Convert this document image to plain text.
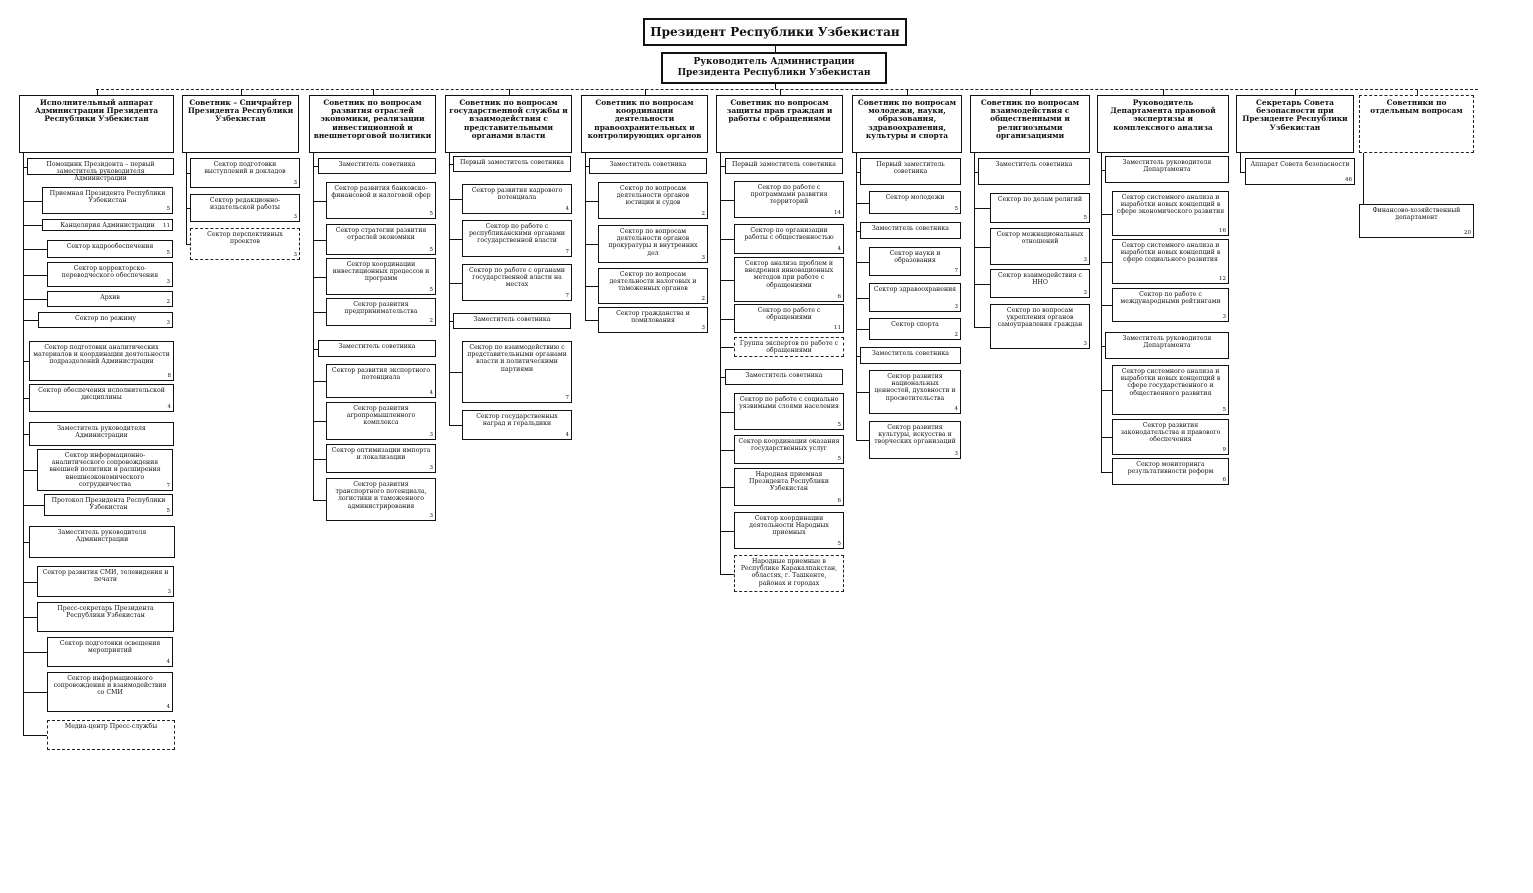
Президент Республики Узбекистан
Руководитель Администрации
Президента Республики Узбекистан
Исполнительный аппарат Администрации Президента Республики Узбекистан
Помощник Президента – первый заместитель руководителя Администрации
Приемная Президента Республики Узбекистан
5
Канцелярия Администрации 11
Сектор кадрообеспечения
5
Сектор корректорско-переводческого обеспечения
3
Архив
2
Сектор по режиму
3
Сектор подготовки аналитических материалов и координации деятельности подразделений Администрации
8
Сектор обеспечения исполнительской дисциплины
4
Заместитель руководителя Администрации
Сектор информационно-аналитического сопровождения внешней политики и расширения внешнеэкономического сотрудничества	7
Протокол Президента Республики Узбекистан	5
Заместитель руководителя Администрации
Сектор развития СМИ, телевидения и печати
3
Пресс-секретарь Президента Республики Узбекистан
Сектор подготовки освещения мероприятий
4
Сектор информационного сопровождения и взаимодействия со СМИ
4
Медиа-центр Пресс-службы
Советник – Спичрайтер Президента Республики Узбекистан
Сектор подготовки выступлений и докладов
3
Сектор редакционно-издательской работы
3
Сектор перспективных проектов
3
Советник по вопросам развития отраслей экономики, реализации инвестиционной и внешнеторговой политики
Заместитель советника
Сектор развития банковско-финансовой и налоговой сфер
5
Сектор стратегии развития отраслей экономики
5
Сектор координации инвестиционных процессов и программ
5
Сектор развития предпринимательства
2
Заместитель советника
Сектор развития экспортного потенциала
4
Сектор развития агропромышленного комплекса
3
Сектор оптимизации импорта и локализации
3
Сектор развития транспортного потенциала, логистики и таможенного администрирования
3
Советник по вопросам государственной службы и взаимодействия с представительными органами власти
Первый заместитель советника
Сектор развития кадрового потенциала
4
Сектор по работе с республиканскими органами государственной власти
7
Сектор по работе с органами государственной власти на местах
7
Заместитель советника
Сектор по взаимодействию с представительными органами власти и политическими партиями
7
Сектор государственных наград и геральдики
4
Советник по вопросам координации деятельности правоохранительных и контролирующих органов
Заместитель советника
Сектор по вопросам деятельности органов юстиции и судов
2
Сектор по вопросам деятельности органов прокуратуры и внутренних дел
3
Сектор по вопросам деятельности налоговых и таможенных органов
2
Сектор гражданства и помилования
3
Советник по вопросам защиты прав граждан и работы с обращениями
Первый заместитель советника
Сектор по работе с программами развития территорий
14
Сектор по организации работы с общественностью
4
Сектор анализа проблем и внедрения инновационных методов при работе с обращениями
6
Сектор по работе с обращениями
11
Группа экспертов по работе с обращениями
Заместитель советника
Сектор по работе с социально уязвимыми слоями населения
5
Сектор координации оказания государственных услуг
5
Народная приемная Президента Республики Узбекистан
6
Сектор координации деятельности Народных приемных
5
Народные приемные в Республике Каракалпакстан, областях, г. Ташкенте, районах и городах
Советник по вопросам молодежи, науки, образования, здравоохранения, культуры и спорта
Первый заместитель советника
Сектор молодежи
5
Заместитель советника
Сектор науки и образования
7
Сектор здравоохранения
3
Сектор спорта
2
Заместитель советника
Сектор развития национальных ценностей, духовности и просветительства
4
Сектор развития культуры, искусства и творческих организаций
3
Советник по вопросам взаимодействия с общественными и религиозными организациями
Заместитель советника
Сектор по делам религий
5
Сектор межнациональных отношений
3
Сектор взаимодействия с ННО
3
Сектор по вопросам укрепления органов самоуправления граждан
3
Руководитель Департамента правовой экспертизы и комплексного анализа
Заместитель руководителя Департамента
Сектор системного анализа и выработки новых концепций в сфере экономического развития
16
Сектор системного анализа и выработки новых концепций в сфере социального развития
12
Сектор по работе с международными рейтингами
3
Заместитель руководителя Департамента
Сектор системного анализа и выработки новых концепций в сфере государственного и общественного развития
5
Сектор развития законодательства и правового обеспечения
9
Сектор мониторинга результативности реформ
6
Секретарь Совета безопасности при Президенте Республики Узбекистан
Аппарат Совета безопасности
46
Советники по отдельным вопросам
Финансово-хозяйственный департамент
20
